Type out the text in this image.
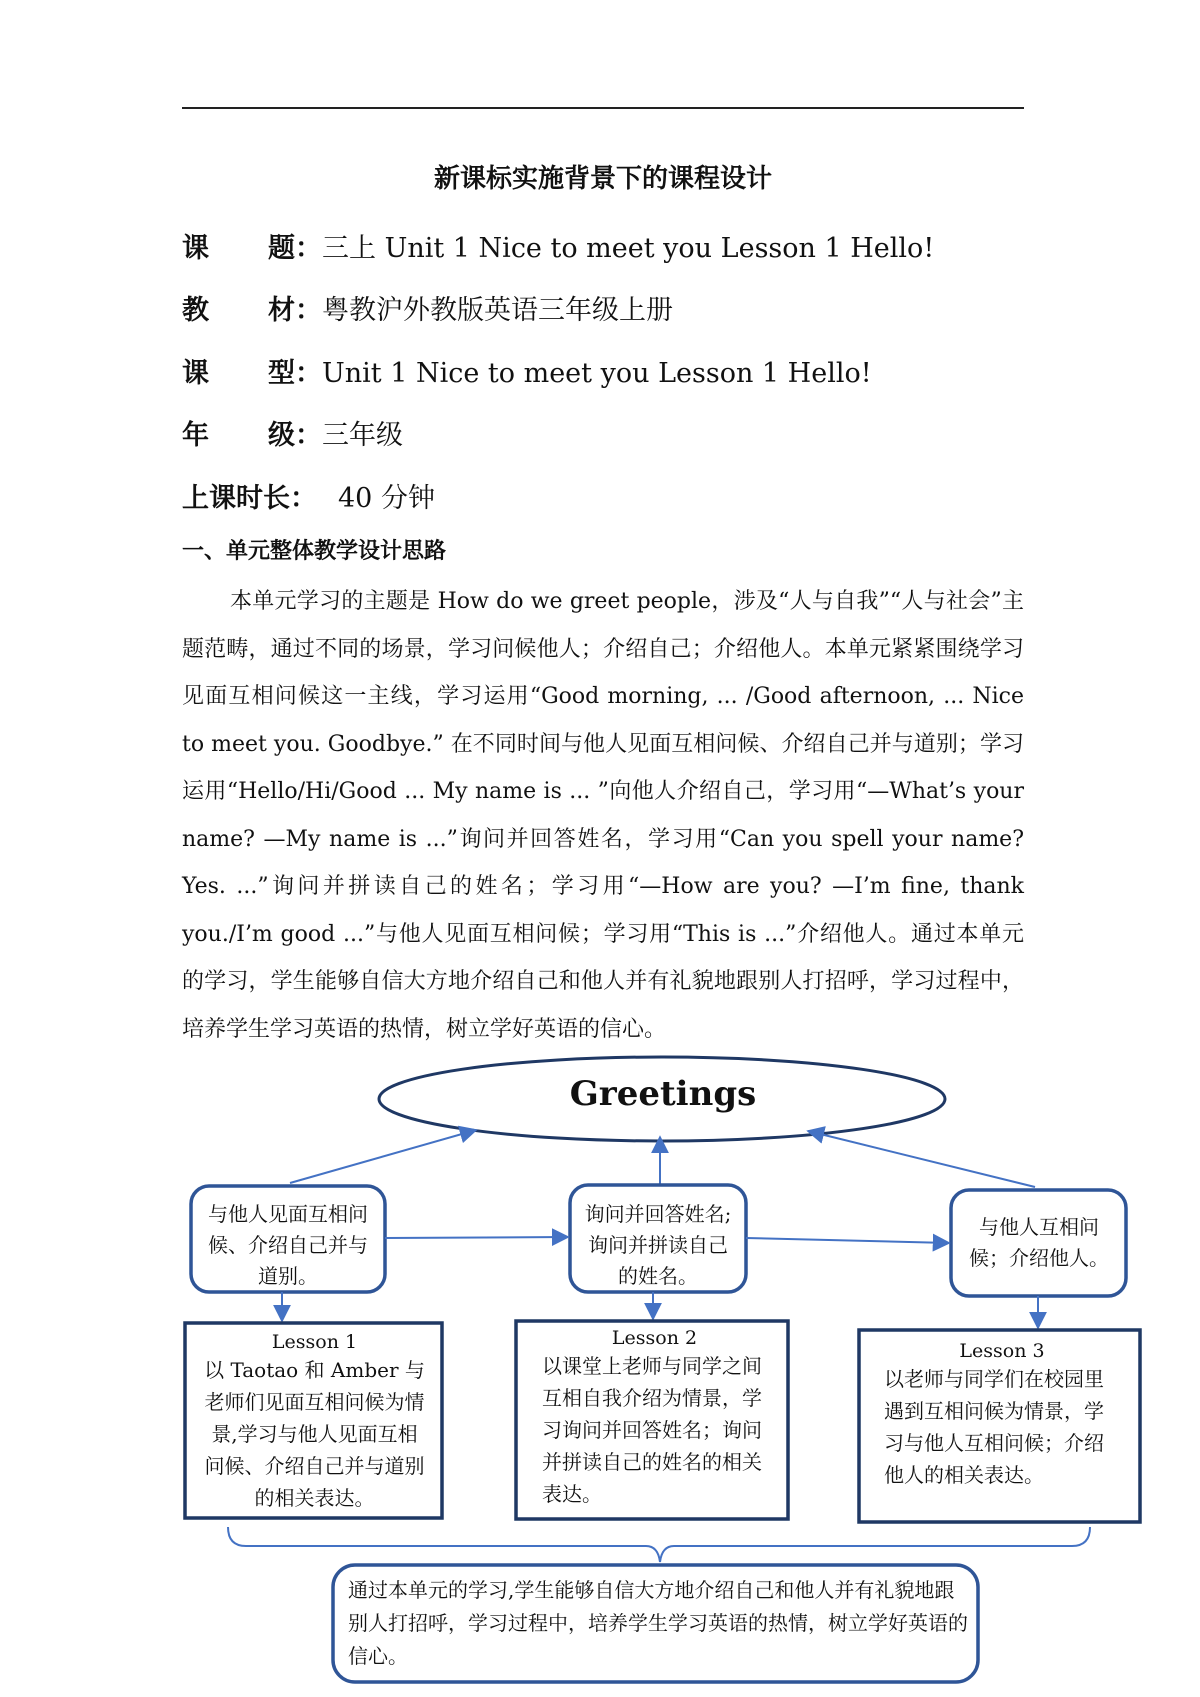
新课标实施背景下的课程设计
课 题：三上 Unit 1 Nice to meet you Lesson 1 Hello!
教 材：粤教沪外教版英语三年级上册
课 型：Unit 1 Nice to meet you Lesson 1 Hello!
年 级：三年级
上课时长： 40 分钟
一、单元整体教学设计思路

本单元学习的主题是 How do we greet people，涉及“人与自我”“人与社会”主题范畴，通过不同的场景，学习问候他人；介绍自己；介绍他人。本单元紧紧围绕学习见面互相问候这一主线，学习运用“Good morning, ... /Good afternoon, ... Nice to meet you. Goodbye.” 在不同时间与他人见面互相问候、介绍自己并与道别；学习运用“Hello/Hi/Good ... My name is ... ”向他人介绍自己，学习用“—What’s your name? —My name is ...”询问并回答姓名，学习用“Can you spell your name? Yes. ...”询问并拼读自己的姓名；学习用“—How are you? —I’m fine, thank you./I’m good ...”与他人见面互相问候；学习用“This is ...”介绍他人。通过本单元的学习，学生能够自信大方地介绍自己和他人并有礼貌地跟别人打招呼，学习过程中，培养学生学习英语的热情，树立学好英语的信心。

Greetings
与他人见面互相问候、介绍自己并与道别。
询问并回答姓名;询问并拼读自己的姓名。
与他人互相问候；介绍他人。
Lesson 1
以 Taotao 和 Amber 与老师们见面互相问候为情景,学习与他人见面互相问候、介绍自己并与道别的相关表达。
Lesson 2
以课堂上老师与同学之间互相自我介绍为情景，学习询问并回答姓名；询问并拼读自己的姓名的相关表达。
Lesson 3
以老师与同学们在校园里遇到互相问候为情景，学习与他人互相问候；介绍他人的相关表达。
通过本单元的学习,学生能够自信大方地介绍自己和他人并有礼貌地跟别人打招呼，学习过程中，培养学生学习英语的热情，树立学好英语的信心。
